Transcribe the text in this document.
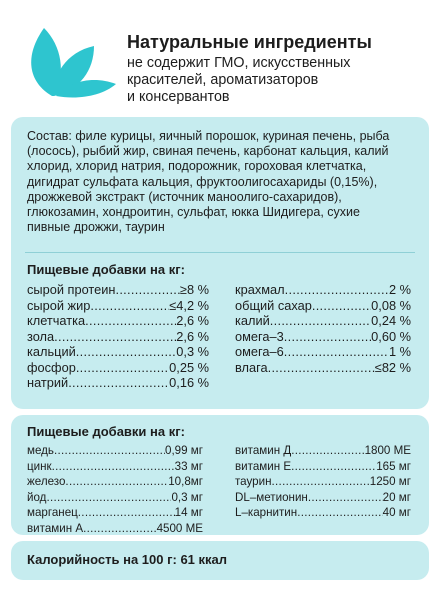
Натуральные ингредиенты
не содержит ГМО, искусственных
красителей, ароматизаторов
и консервантов
Состав: филе курицы, яичный порошок, куриная печень, рыба
(лосось), рыбий жир, свиная печень, карбонат кальция, калий
хлорид, хлорид натрия, подорожник, гороховая клетчатка,
дигидрат сульфата кальция, фруктоолигосахариды (0,15%),
дрожжевой экстракт (источник маноолиго-сахаридов),
глюкозамин, хондроитин, сульфат, юкка Шидигера, сухие
пивные дрожжи, таурин
Пищевые добавки на кг:
сырой протеин .....	≥8 %
сырой жир .....	≤4,2 %
клетчатка .....	2,6 %
зола .....	2,6 %
кальций .....	0,3 %
фосфор .....	0,25 %
натрий .....	0,16 %
крахмал .....	2 %
общий сахар .....	0,08 %
калий .....	0,24 %
омега–3 .....	0,60 %
омега–6 .....	1 %
влага .....	≤82 %
Пищевые добавки на кг:
медь .....	0,99 мг
цинк .....	33 мг
железо .....	10,8мг
йод .....	0,3 мг
марганец .....	14 мг
витамин А .....	4500 МЕ
витамин Д .....	1800 МЕ
витамин Е .....	165 мг
таурин .....	1250 мг
DL–метионин .....	20 мг
L–карнитин .....	40 мг
Калорийность на 100 г: 61 ккал
